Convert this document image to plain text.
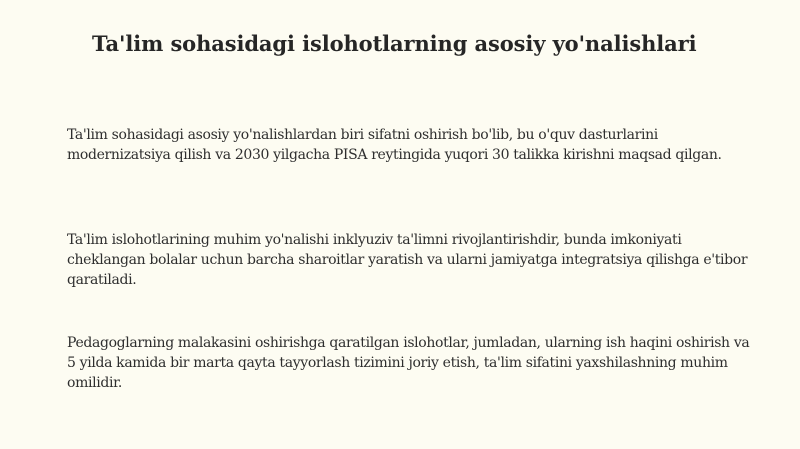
Ta'lim sohasidagi islohotlarning asosiy yo'nalishlari

Ta'lim sohasidagi asosiy yo'nalishlardan biri sifatni oshirish bo'lib, bu o'quv dasturlarini modernizatsiya qilish va 2030 yilgacha PISA reytingida yuqori 30 talikka kirishni maqsad qilgan.

Ta'lim islohotlarining muhim yo'nalishi inklyuziv ta'limni rivojlantirishdir, bunda imkoniyati cheklangan bolalar uchun barcha sharoitlar yaratish va ularni jamiyatga integratsiya qilishga e'tibor qaratiladi.

Pedagoglarning malakasini oshirishga qaratilgan islohotlar, jumladan, ularning ish haqini oshirish va 5 yilda kamida bir marta qayta tayyorlash tizimini joriy etish, ta'lim sifatini yaxshilashning muhim omilidir.
